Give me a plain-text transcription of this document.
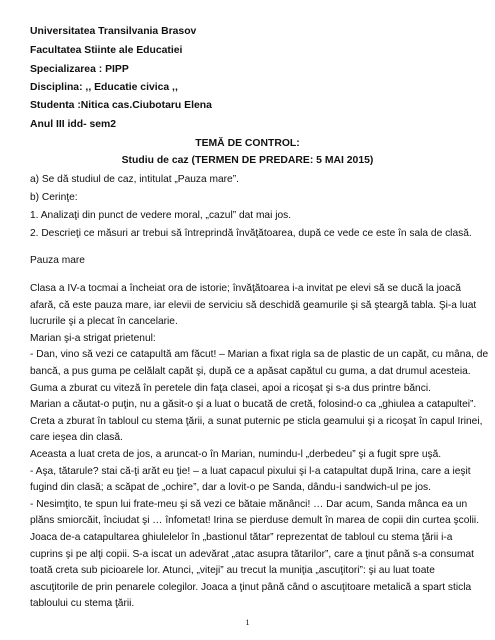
Universitatea Transilvania Brasov
Facultatea Stiinte ale Educatiei
Specializarea : PIPP
Disciplina: ,, Educatie civica ,,
Studenta :Nitica cas.Ciubotaru Elena
Anul III idd- sem2
TEMĂ DE CONTROL:
Studiu de caz (TERMEN DE PREDARE: 5 MAI 2015)
a) Se dă studiul de caz, intitulat „Pauza mare”.
b) Cerinţe:
1. Analizaţi din punct de vedere moral, „cazul” dat mai jos.
2. Descrieţi ce măsuri ar trebui să întreprindă învăţătoarea, după ce vede ce este în sala de clasă.
Pauza mare
Clasa a IV-a tocmai a încheiat ora de istorie; învăţătoarea i-a invitat pe elevi să se ducă la joacă
afară, că este pauza mare, iar elevii de serviciu să deschidă geamurile şi să şteargă tabla. Şi-a luat
lucrurile şi a plecat în cancelarie.
Marian şi-a strigat prietenul:
- Dan, vino să vezi ce catapultă am făcut! – Marian a fixat rigla sa de plastic de un capăt, cu mâna, de
bancă, a pus guma pe celălalt capăt şi, după ce a apăsat capătul cu guma, a dat drumul acesteia.
Guma a zburat cu viteză în peretele din faţa clasei, apoi a ricoşat şi s-a dus printre bănci.
Marian a căutat-o puţin, nu a găsit-o şi a luat o bucată de cretă, folosind-o ca „ghiulea a catapultei”.
Creta a zburat în tabloul cu stema ţării, a sunat puternic pe sticla geamului şi a ricoşat în capul Irinei,
care ieşea din clasă.
Aceasta a luat creta de jos, a aruncat-o în Marian, numindu-l „derbedeu” şi a fugit spre uşă.
- Aşa, tătarule? stai că-ţi arăt eu ţie! – a luat capacul pixului şi l-a catapultat după Irina, care a ieşit
fugind din clasă; a scăpat de „ochire”, dar a lovit-o pe Sanda, dându-i sandwich-ul pe jos.
- Nesimţito, te spun lui frate-meu şi să vezi ce bătaie mănânci! … Dar acum, Sanda mânca ea un
plăns smiorcăit, înciudat şi … înfometat! Irina se pierduse demult în marea de copii din curtea şcolii.
Joaca de-a catapultarea ghiulelelor în „bastionul tătar” reprezentat de tabloul cu stema ţării i-a
cuprins şi pe alţi copii. S-a iscat un adevărat „atac asupra tătarilor”, care a ţinut până s-a consumat
toată creta sub picioarele lor. Atunci, „viteji” au trecut la muniţia „ascuţitori”: şi au luat toate
ascuţitorile de prin penarele colegilor. Joaca a ţinut până când o ascuţitoare metalică a spart sticla
tabloului cu stema ţării.
1
